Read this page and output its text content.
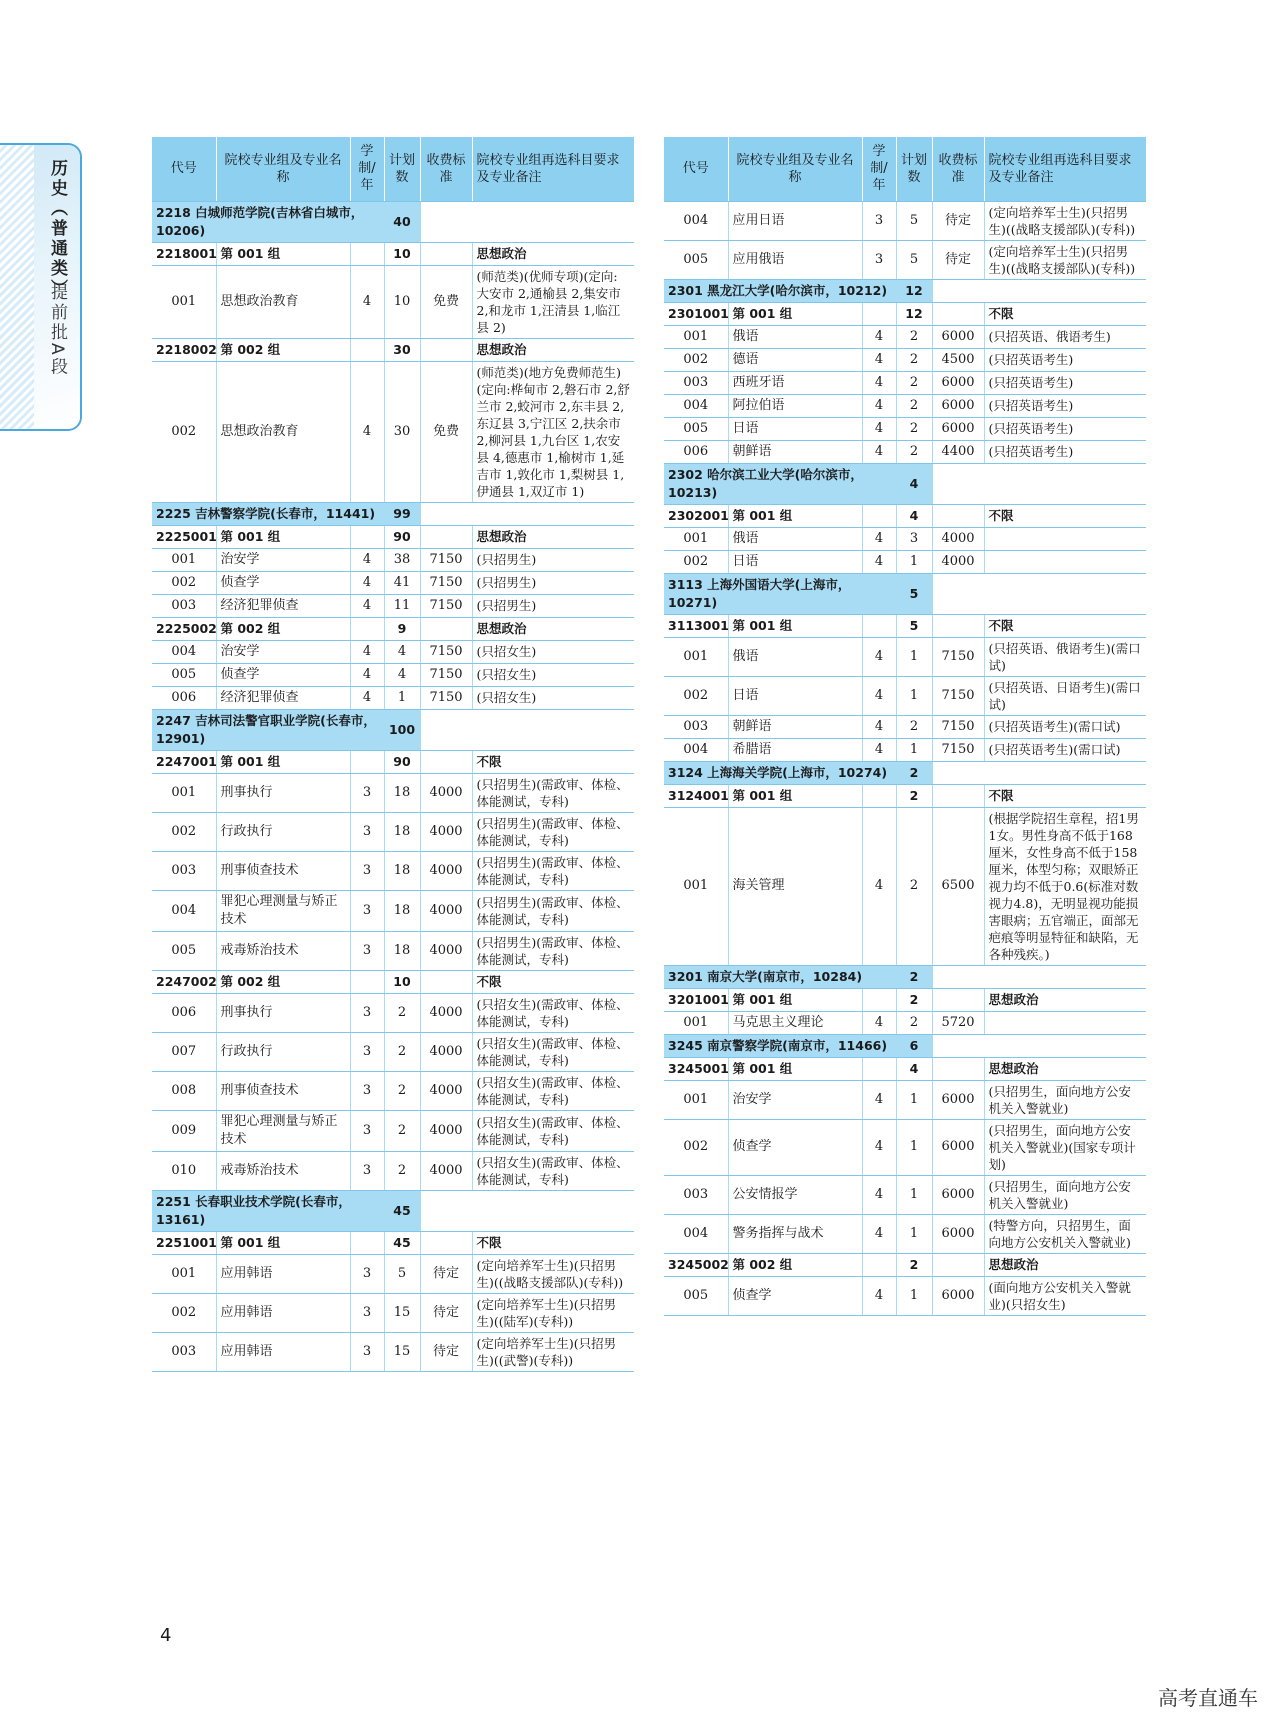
历史（普通类）
提前批A段
代号	院校专业组及专业名称	学制/年	计划数	收费标准	院校专业组再选科目要求及专业备注
2218 白城师范学院(吉林省白城市，10206)			40		
2218001	第 001 组		10		思想政治
001	思想政治教育	4	10	免费	(师范类)(优师专项)(定向:大安市 2,通榆县 2,集安市 2,和龙市 1,汪清县 1,临江县 2)
2218002	第 002 组		30		思想政治
002	思想政治教育	4	30	免费	(师范类)(地方免费师范生)(定向:桦甸市 2,磐石市 2,舒兰市 2,蛟河市 2,东丰县 2,东辽县 3,宁江区 2,扶余市 2,柳河县 1,九台区 1,农安县 4,德惠市 1,榆树市 1,延吉市 1,敦化市 1,梨树县 1,伊通县 1,双辽市 1)
2225 吉林警察学院(长春市，11441)			99		
2225001	第 001 组		90		思想政治
001	治安学	4	38	7150	(只招男生)
002	侦查学	4	41	7150	(只招男生)
003	经济犯罪侦查	4	11	7150	(只招男生)
2225002	第 002 组		9		思想政治
004	治安学	4	4	7150	(只招女生)
005	侦查学	4	4	7150	(只招女生)
006	经济犯罪侦查	4	1	7150	(只招女生)
2247 吉林司法警官职业学院(长春市，12901)			100		
2247001	第 001 组		90		不限
001	刑事执行	3	18	4000	(只招男生)(需政审、体检、体能测试，专科)
002	行政执行	3	18	4000	(只招男生)(需政审、体检、体能测试，专科)
003	刑事侦查技术	3	18	4000	(只招男生)(需政审、体检、体能测试，专科)
004	罪犯心理测量与矫正技术	3	18	4000	(只招男生)(需政审、体检、体能测试，专科)
005	戒毒矫治技术	3	18	4000	(只招男生)(需政审、体检、体能测试，专科)
2247002	第 002 组		10		不限
006	刑事执行	3	2	4000	(只招女生)(需政审、体检、体能测试，专科)
007	行政执行	3	2	4000	(只招女生)(需政审、体检、体能测试，专科)
008	刑事侦查技术	3	2	4000	(只招女生)(需政审、体检、体能测试，专科)
009	罪犯心理测量与矫正技术	3	2	4000	(只招女生)(需政审、体检、体能测试，专科)
010	戒毒矫治技术	3	2	4000	(只招女生)(需政审、体检、体能测试，专科)
2251 长春职业技术学院(长春市，13161)			45		
2251001	第 001 组		45		不限
001	应用韩语	3	5	待定	(定向培养军士生)(只招男生)((战略支援部队)(专科))
002	应用韩语	3	15	待定	(定向培养军士生)(只招男生)((陆军)(专科))
003	应用韩语	3	15	待定	(定向培养军士生)(只招男生)((武警)(专科))
代号	院校专业组及专业名称	学制/年	计划数	收费标准	院校专业组再选科目要求及专业备注
004	应用日语	3	5	待定	(定向培养军士生)(只招男生)((战略支援部队)(专科))
005	应用俄语	3	5	待定	(定向培养军士生)(只招男生)((战略支援部队)(专科))
2301 黑龙江大学(哈尔滨市，10212)			12		
2301001	第 001 组		12		不限
001	俄语	4	2	6000	(只招英语、俄语考生)
002	德语	4	2	4500	(只招英语考生)
003	西班牙语	4	2	6000	(只招英语考生)
004	阿拉伯语	4	2	6000	(只招英语考生)
005	日语	4	2	6000	(只招英语考生)
006	朝鲜语	4	2	4400	(只招英语考生)
2302 哈尔滨工业大学(哈尔滨市，10213)			4		
2302001	第 001 组		4		不限
001	俄语	4	3	4000	
002	日语	4	1	4000	
3113 上海外国语大学(上海市，10271)			5		
3113001	第 001 组		5		不限
001	俄语	4	1	7150	(只招英语、俄语考生)(需口试)
002	日语	4	1	7150	(只招英语、日语考生)(需口试)
003	朝鲜语	4	2	7150	(只招英语考生)(需口试)
004	希腊语	4	1	7150	(只招英语考生)(需口试)
3124 上海海关学院(上海市，10274)			2		
3124001	第 001 组		2		不限
001	海关管理	4	2	6500	(根据学院招生章程，招1男1女。男性身高不低于168厘米，女性身高不低于158厘米，体型匀称；双眼矫正视力均不低于0.6(标准对数视力4.8)，无明显视功能损害眼病；五官端正，面部无疤痕等明显特征和缺陷，无各种残疾。)
3201 南京大学(南京市，10284)			2		
3201001	第 001 组		2		思想政治
001	马克思主义理论	4	2	5720	
3245 南京警察学院(南京市，11466)			6		
3245001	第 001 组		4		思想政治
001	治安学	4	1	6000	(只招男生，面向地方公安机关入警就业)
002	侦查学	4	1	6000	(只招男生，面向地方公安机关入警就业)(国家专项计划)
003	公安情报学	4	1	6000	(只招男生，面向地方公安机关入警就业)
004	警务指挥与战术	4	1	6000	(特警方向，只招男生，面向地方公安机关入警就业)
3245002	第 002 组		2		思想政治
005	侦查学	4	1	6000	(面向地方公安机关入警就业)(只招女生)
4
高考直通车
